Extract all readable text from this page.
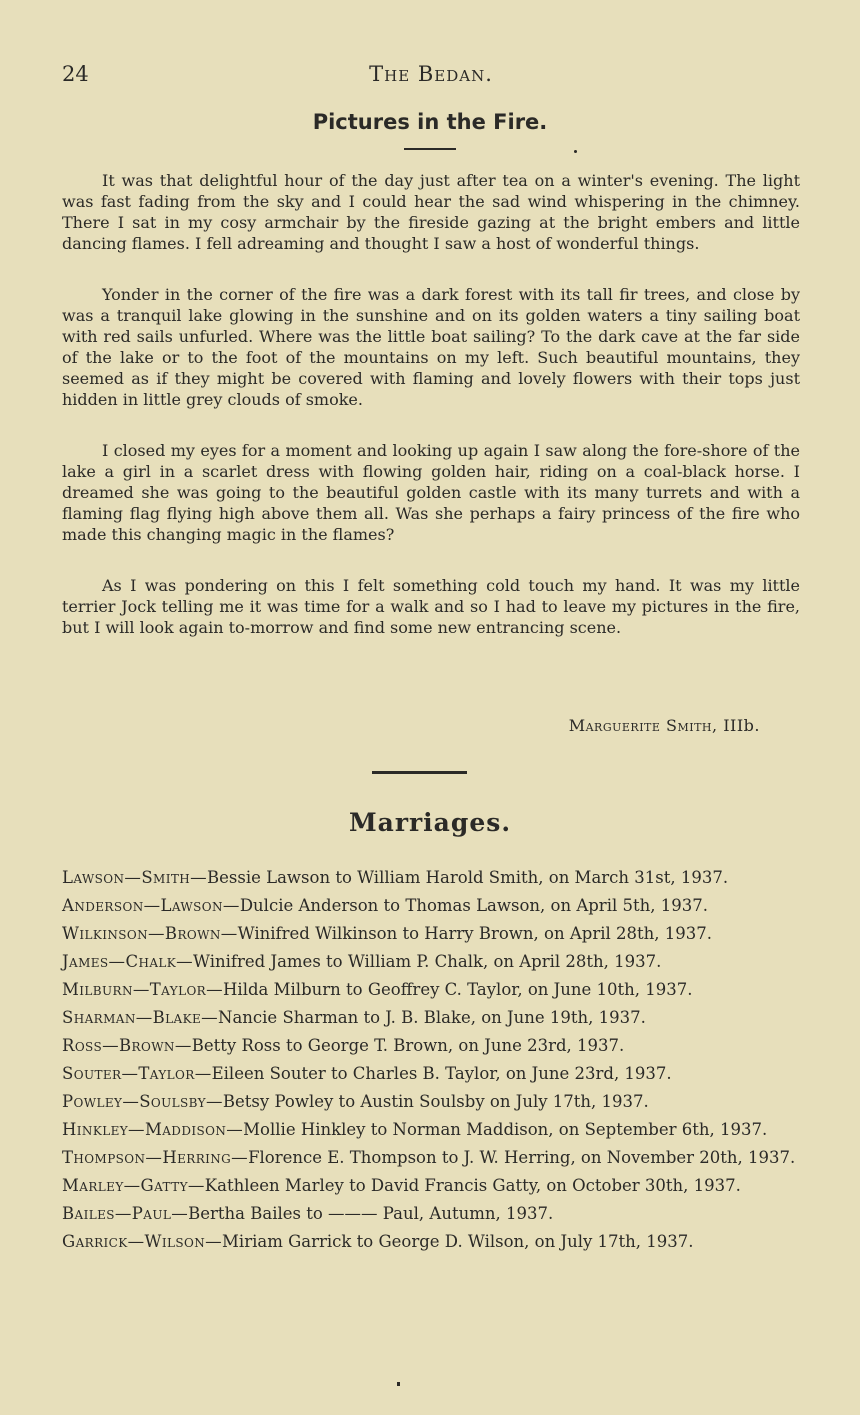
24	The Bedan.
Pictures in the Fire.

It was that delightful hour of the day just after tea on a winter's evening. The light was fast fading from the sky and I could hear the sad wind whispering in the chimney. There I sat in my cosy armchair by the fireside gazing at the bright embers and little dancing flames. I fell adreaming and thought I saw a host of wonderful things.

Yonder in the corner of the fire was a dark forest with its tall fir trees, and close by was a tranquil lake glowing in the sunshine and on its golden waters a tiny sailing boat with red sails unfurled. Where was the little boat sailing? To the dark cave at the far side of the lake or to the foot of the mountains on my left. Such beautiful mountains, they seemed as if they might be covered with flaming and lovely flowers with their tops just hidden in little grey clouds of smoke.

I closed my eyes for a moment and looking up again I saw along the fore-shore of the lake a girl in a scarlet dress with flowing golden hair, riding on a coal-black horse. I dreamed she was going to the beautiful golden castle with its many turrets and with a flaming flag flying high above them all. Was she perhaps a fairy princess of the fire who made this changing magic in the flames?

As I was pondering on this I felt something cold touch my hand. It was my little terrier Jock telling me it was time for a walk and so I had to leave my pictures in the fire, but I will look again to-morrow and find some new entrancing scene.

Marguerite Smith, IIIb.
Marriages.

Lawson—Smith—Bessie Lawson to William Harold Smith, on March 31st, 1937.

Anderson—Lawson—Dulcie Anderson to Thomas Lawson, on April 5th, 1937.

Wilkinson—Brown—Winifred Wilkinson to Harry Brown, on April 28th, 1937.

James—Chalk—Winifred James to William P. Chalk, on April 28th, 1937.

Milburn—Taylor—Hilda Milburn to Geoffrey C. Taylor, on June 10th, 1937.

Sharman—Blake—Nancie Sharman to J. B. Blake, on June 19th, 1937.

Ross—Brown—Betty Ross to George T. Brown, on June 23rd, 1937.

Souter—Taylor—Eileen Souter to Charles B. Taylor, on June 23rd, 1937.

Powley—Soulsby—Betsy Powley to Austin Soulsby on July 17th, 1937.

Hinkley—Maddison—Mollie Hinkley to Norman Maddison, on September 6th, 1937.

Thompson—Herring—Florence E. Thompson to J. W. Herring, on November 20th, 1937.

Marley—Gatty—Kathleen Marley to David Francis Gatty, on October 30th, 1937.

Bailes—Paul—Bertha Bailes to ——— Paul, Autumn, 1937.

Garrick—Wilson—Miriam Garrick to George D. Wilson, on July 17th, 1937.
